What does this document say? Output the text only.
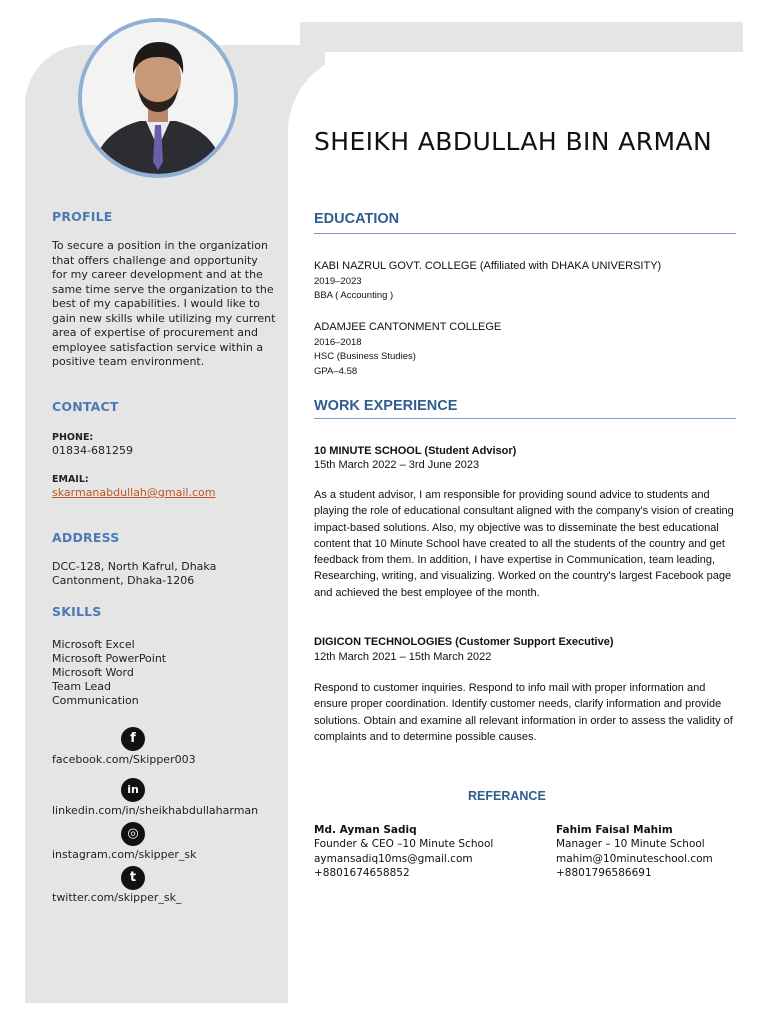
PROFILE
To secure a position in the organization that offers challenge and opportunity for my career development and at the same time serve the organization to the best of my capabilities. I would like to gain new skills while utilizing my current area of expertise of procurement and employee satisfaction service within a positive team environment.
CONTACT
PHONE:
01834-681259
EMAIL:
skarmanabdullah@gmail.com
ADDRESS
DCC-128, North Kafrul, Dhaka
Cantonment, Dhaka-1206
SKILLS
Microsoft Excel
Microsoft PowerPoint
Microsoft Word
Team Lead
Communication
f
facebook.com/Skipper003
in
linkedin.com/in/sheikhabdullaharman
◎
instagram.com/skipper_sk
t
twitter.com/skipper_sk_
SHEIKH ABDULLAH BIN ARMAN
EDUCATION
KABI NAZRUL GOVT. COLLEGE (Affiliated with DHAKA UNIVERSITY)
2019–2023
BBA ( Accounting )
ADAMJEE CANTONMENT COLLEGE
2016–2018
HSC (Business Studies)
GPA–4.58
WORK EXPERIENCE
10 MINUTE SCHOOL (Student Advisor)
15th March 2022 – 3rd June 2023
As a student advisor, I am responsible for providing sound advice to students and playing the role of educational consultant aligned with the company's vision of creating impact-based solutions. Also, my objective was to disseminate the best educational content that 10 Minute School have created to all the students of the country and get feedback from them. In addition, I have expertise in Communication, team leading, Researching, writing, and visualizing. Worked on the country's largest Facebook page and achieved the best employee of the month.
DIGICON TECHNOLOGIES (Customer Support Executive)
12th March 2021 – 15th March 2022
Respond to customer inquiries. Respond to info mail with proper information and ensure proper coordination. Identify customer needs, clarify information and provide solutions. Obtain and examine all relevant information in order to assess the validity of complaints and to determine possible causes.
REFERANCE
Md. Ayman Sadiq
Founder & CEO –10 Minute School
aymansadiq10ms@gmail.com
+8801674658852
Fahim Faisal Mahim
Manager – 10 Minute School
mahim@10minuteschool.com
+8801796586691
